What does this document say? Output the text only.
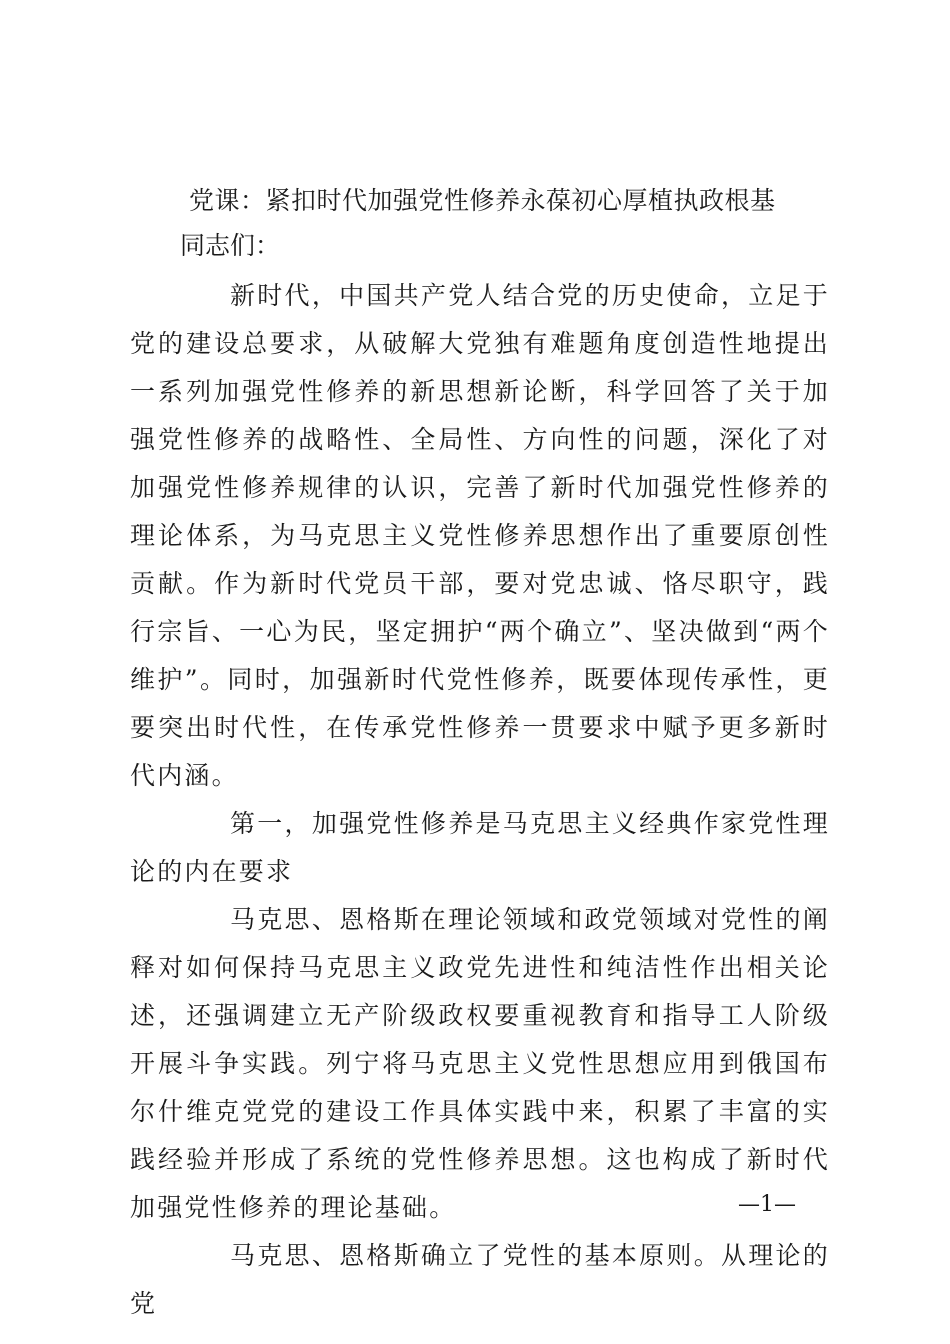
党课：紧扣时代加强党性修养永葆初心厚植执政根基
同志们：

新时代，中国共产党人结合党的历史使命，立足于党的建设总要求，从破解大党独有难题角度创造性地提出一系列加强党性修养的新思想新论断，科学回答了关于加强党性修养的战略性、全局性、方向性的问题，深化了对加强党性修养规律的认识，完善了新时代加强党性修养的理论体系，为马克思主义党性修养思想作出了重要原创性贡献。作为新时代党员干部，要对党忠诚、恪尽职守，践行宗旨、一心为民，坚定拥护“两个确立”、坚决做到“两个维护”。同时，加强新时代党性修养，既要体现传承性，更要突出时代性，在传承党性修养一贯要求中赋予更多新时代内涵。

第一，加强党性修养是马克思主义经典作家党性理论的内在要求

马克思、恩格斯在理论领域和政党领域对党性的阐释对如何保持马克思主义政党先进性和纯洁性作出相关论述，还强调建立无产阶级政权要重视教育和指导工人阶级开展斗争实践。列宁将马克思主义党性思想应用到俄国布尔什维克党党的建设工作具体实践中来，积累了丰富的实践经验并形成了系统的党性修养思想。这也构成了新时代加强党性修养的理论基础。

马克思、恩格斯确立了党性的基本原则。从理论的党

—1—
